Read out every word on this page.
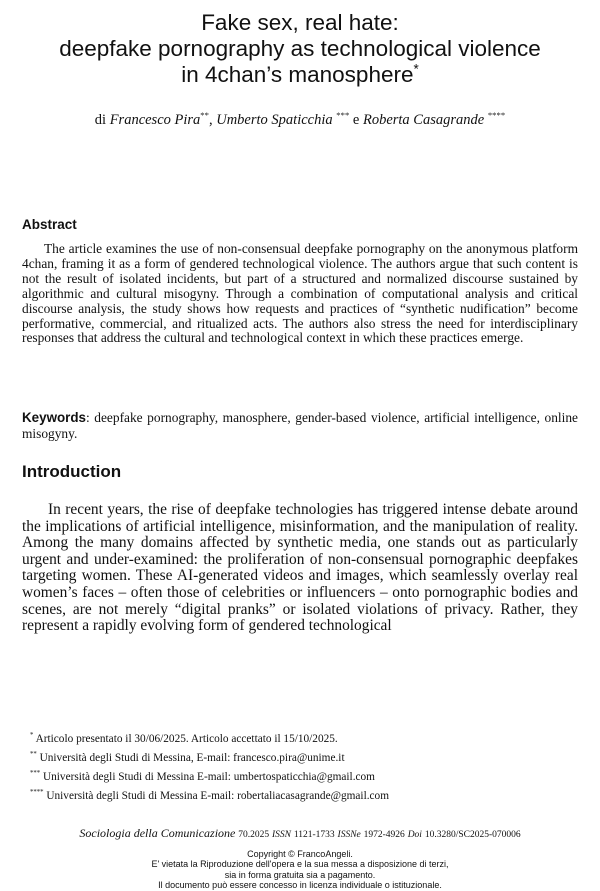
Fake sex, real hate:
deepfake pornography as technological violence
in 4chan’s manosphere*
di Francesco Pira**, Umberto Spaticchia *** e Roberta Casagrande ****
Abstract

The article examines the use of non-consensual deepfake pornography on the anonymous platform 4chan, framing it as a form of gendered technological violence. The authors argue that such content is not the result of isolated incidents, but part of a structured and normalized discourse sustained by algorithmic and cultural misogyny. Through a combination of computational analysis and critical discourse analysis, the study shows how requests and practices of “synthetic nudification” become performative, commercial, and ritualized acts. The authors also stress the need for interdisciplinary responses that address the cultural and technological context in which these practices emerge.

Keywords: deepfake pornography, manosphere, gender-based violence, artificial intelligence, online misogyny.

Introduction

In recent years, the rise of deepfake technologies has triggered intense debate around the implications of artificial intelligence, misinformation, and the manipulation of reality. Among the many domains affected by synthetic media, one stands out as particularly urgent and under-examined: the proliferation of non-consensual pornographic deepfakes targeting women. These AI-generated videos and images, which seamlessly overlay real women’s faces – often those of celebrities or influencers – onto pornographic bodies and scenes, are not merely “digital pranks” or isolated violations of privacy. Rather, they represent a rapidly evolving form of gendered technological

* Articolo presentato il 30/06/2025. Articolo accettato il 15/10/2025.
** Università degli Studi di Messina, E-mail: francesco.pira@unime.it
*** Università degli Studi di Messina E-mail: umbertospaticchia@gmail.com
**** Università degli Studi di Messina E-mail: robertaliacasagrande@gmail.com
Sociologia della Comunicazione 70.2025 ISSN 1121-1733 ISSNe 1972-4926 Doi 10.3280/SC2025-070006
Copyright © FrancoAngeli.
E' vietata la Riproduzione dell'opera e la sua messa a disposizione di terzi,
sia in forma gratuita sia a pagamento.
Il documento può essere concesso in licenza individuale o istituzionale.
